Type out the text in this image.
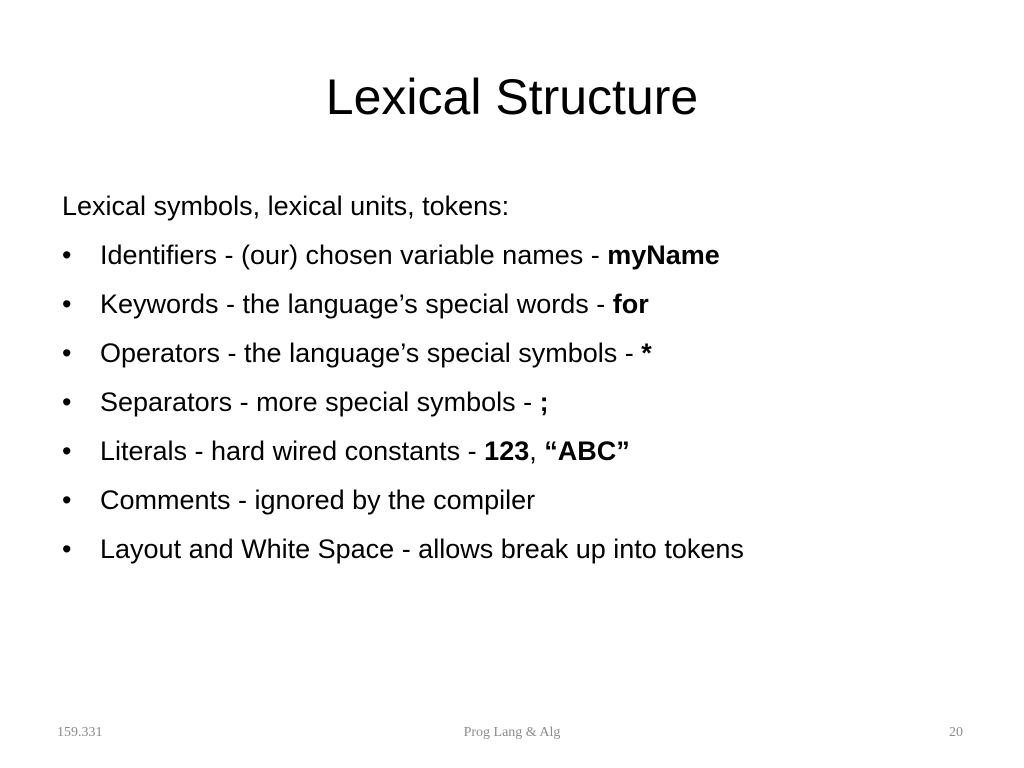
Lexical Structure
Lexical symbols, lexical units, tokens:
•	Identifiers - (our) chosen variable names - myName
•	Keywords - the language’s special words - for
•	Operators - the language’s special symbols - *
•	Separators - more special symbols - ;
•	Literals - hard wired constants - 123, “ABC”
•	Comments - ignored by the compiler
•	Layout and White Space - allows break up into tokens
159.331	Prog Lang & Alg	20
